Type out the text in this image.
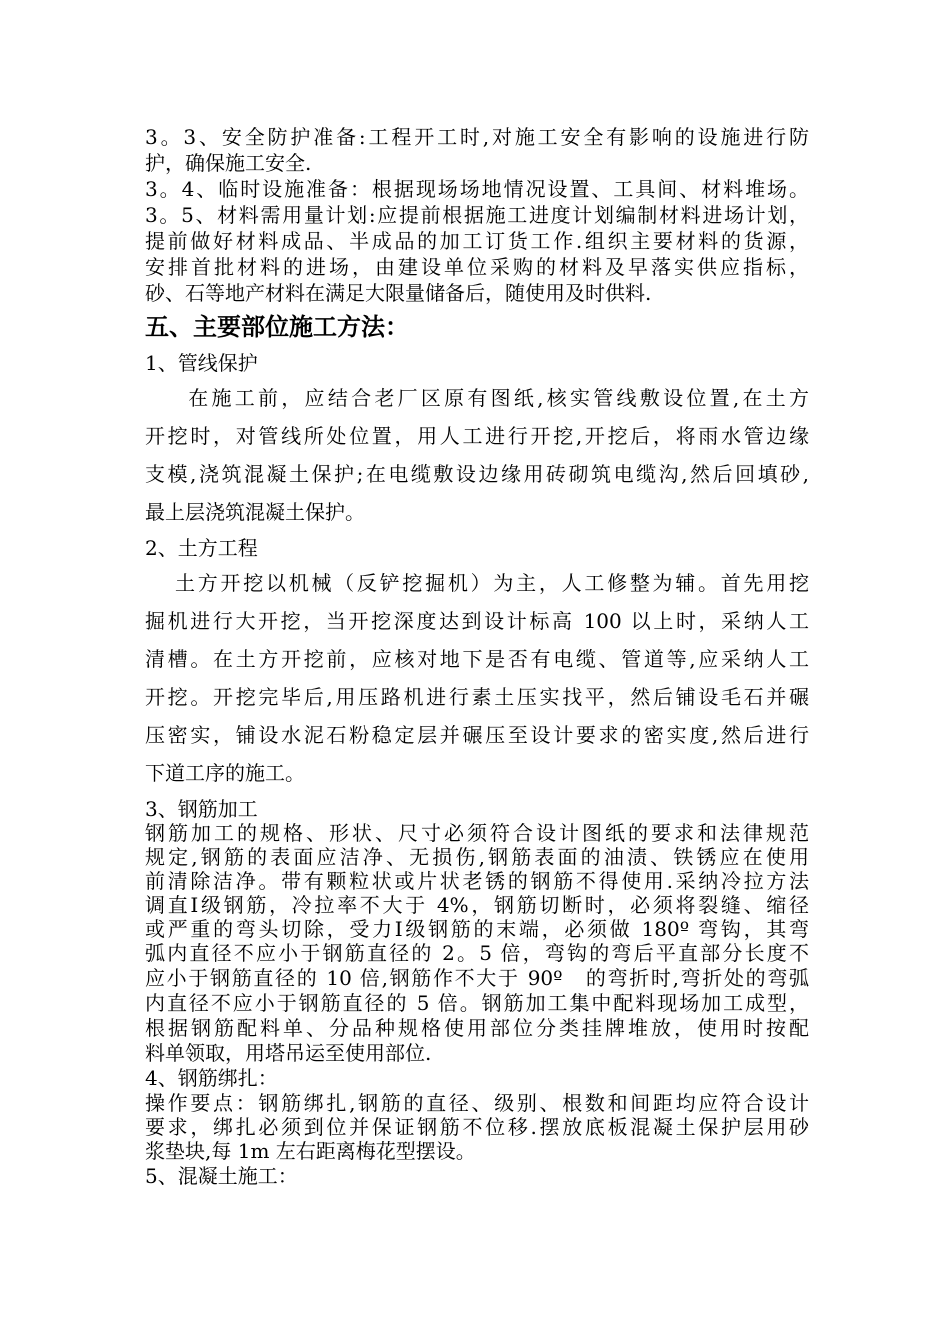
3。3、安全防护准备:工程开工时,对施工安全有影响的设施进行防
护，确保施工安全.
3。4、临时设施准备：根据现场场地情况设置、工具间、材料堆场。
3。5、材料需用量计划:应提前根据施工进度计划编制材料进场计划，
提前做好材料成品、半成品的加工订货工作.组织主要材料的货源，
安排首批材料的进场，由建设单位采购的材料及早落实供应指标，
砂、石等地产材料在满足大限量储备后，随使用及时供料.
五、主要部位施工方法：
1、管线保护
　在施工前，应结合老厂区原有图纸,核实管线敷设位置,在土方
开挖时，对管线所处位置，用人工进行开挖,开挖后，将雨水管边缘
支模,浇筑混凝土保护;在电缆敷设边缘用砖砌筑电缆沟,然后回填砂,
最上层浇筑混凝土保护。
2、土方工程
土方开挖以机械（反铲挖掘机）为主，人工修整为辅。首先用挖
掘机进行大开挖，当开挖深度达到设计标高 100 以上时，采纳人工
清槽。在土方开挖前，应核对地下是否有电缆、管道等,应采纳人工
开挖。开挖完毕后,用压路机进行素土压实找平，然后铺设毛石并碾
压密实，铺设水泥石粉稳定层并碾压至设计要求的密实度,然后进行
下道工序的施工。
3、钢筋加工
钢筋加工的规格、形状、尺寸必须符合设计图纸的要求和法律规范
规定,钢筋的表面应洁净、无损伤,钢筋表面的油渍、铁锈应在使用
前清除洁净。带有颗粒状或片状老锈的钢筋不得使用.采纳冷拉方法
调直Ⅰ级钢筋，冷拉率不大于 4%，钢筋切断时，必须将裂缝、缩径
或严重的弯头切除，受力Ⅰ级钢筋的末端，必须做 180º 弯钩，其弯
弧内直径不应小于钢筋直径的 2。5 倍，弯钩的弯后平直部分长度不
应小于钢筋直径的 10 倍,钢筋作不大于 90º　的弯折时,弯折处的弯弧
内直径不应小于钢筋直径的 5 倍。钢筋加工集中配料现场加工成型，
根据钢筋配料单、分品种规格使用部位分类挂牌堆放，使用时按配
料单领取，用塔吊运至使用部位.
4、钢筋绑扎：
操作要点：钢筋绑扎,钢筋的直径、级别、根数和间距均应符合设计
要求，绑扎必须到位并保证钢筋不位移.摆放底板混凝土保护层用砂
浆垫块,每 1m 左右距离梅花型摆设。
5、混凝土施工：
